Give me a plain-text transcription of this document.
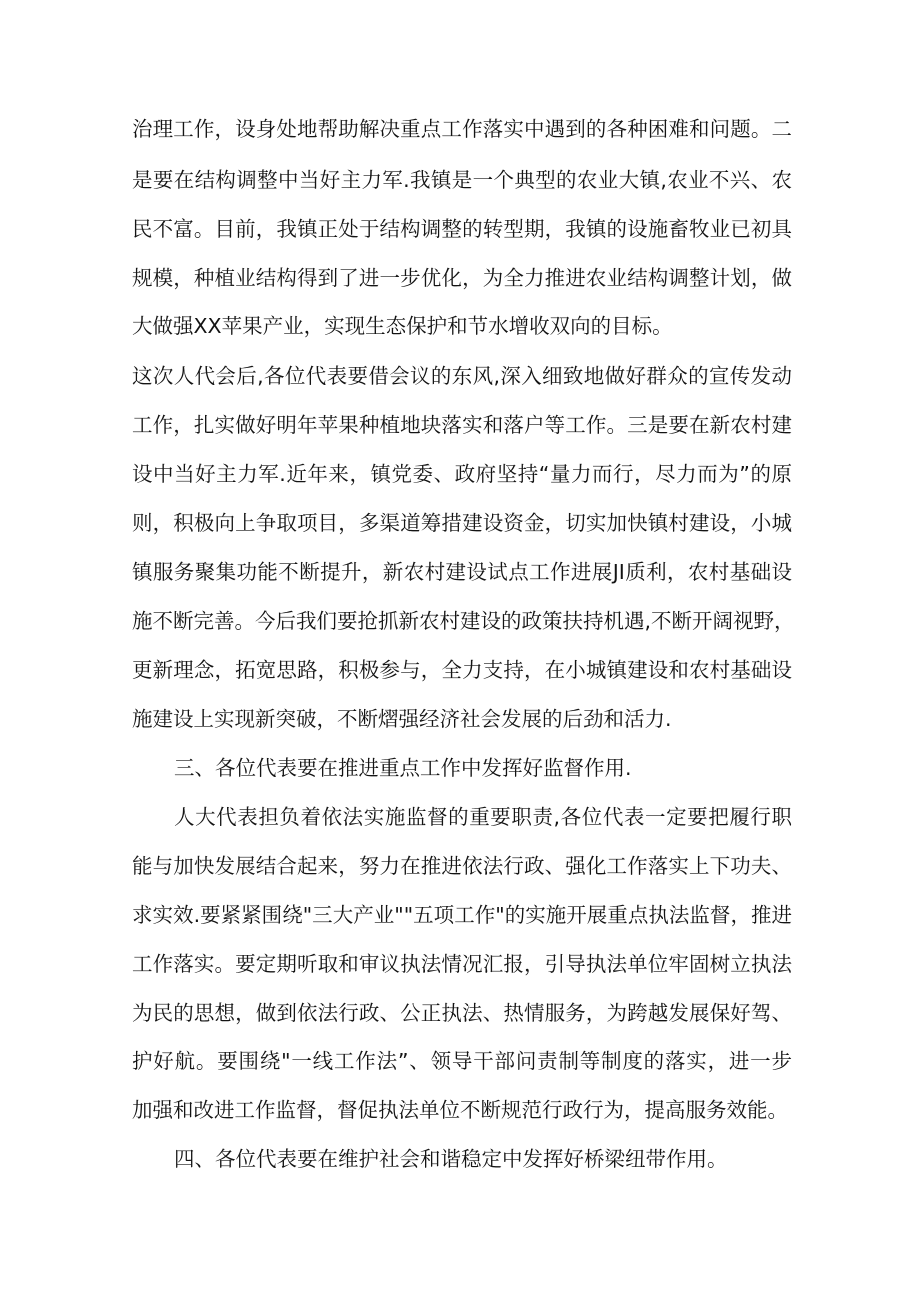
治理工作，设身处地帮助解决重点工作落实中遇到的各种困难和问题。二
是要在结构调整中当好主力军.我镇是一个典型的农业大镇,农业不兴、农
民不富。目前，我镇正处于结构调整的转型期，我镇的设施畜牧业已初具
规模，种植业结构得到了进一步优化，为全力推进农业结构调整计划，做
大做强XX苹果产业，实现生态保护和节水增收双向的目标。
这次人代会后,各位代表要借会议的东风,深入细致地做好群众的宣传发动
工作，扎实做好明年苹果种植地块落实和落户等工作。三是要在新农村建
设中当好主力军.近年来，镇党委、政府坚持“量力而行，尽力而为”的原
则，积极向上争取项目，多渠道筹措建设资金，切实加快镇村建设，小城
镇服务聚集功能不断提升，新农村建设试点工作进展JI质利，农村基础设
施不断完善。今后我们要抢抓新农村建设的政策扶持机遇,不断开阔视野，
更新理念，拓宽思路，积极参与，全力支持，在小城镇建设和农村基础设
施建设上实现新突破，不断熠强经济社会发展的后劲和活力.
三、各位代表要在推进重点工作中发挥好监督作用.
人大代表担负着依法实施监督的重要职责,各位代表一定要把履行职
能与加快发展结合起来，努力在推进依法行政、强化工作落实上下功夫、
求实效.要紧紧围绕"三大产业""五项工作"的实施开展重点执法监督，推进
工作落实。要定期听取和审议执法情况汇报，引导执法单位牢固树立执法
为民的思想，做到依法行政、公正执法、热情服务，为跨越发展保好驾、
护好航。要围绕"一线工作法”、领导干部问责制等制度的落实，进一步
加强和改进工作监督，督促执法单位不断规范行政行为，提高服务效能。
四、各位代表要在维护社会和谐稳定中发挥好桥梁纽带作用。
